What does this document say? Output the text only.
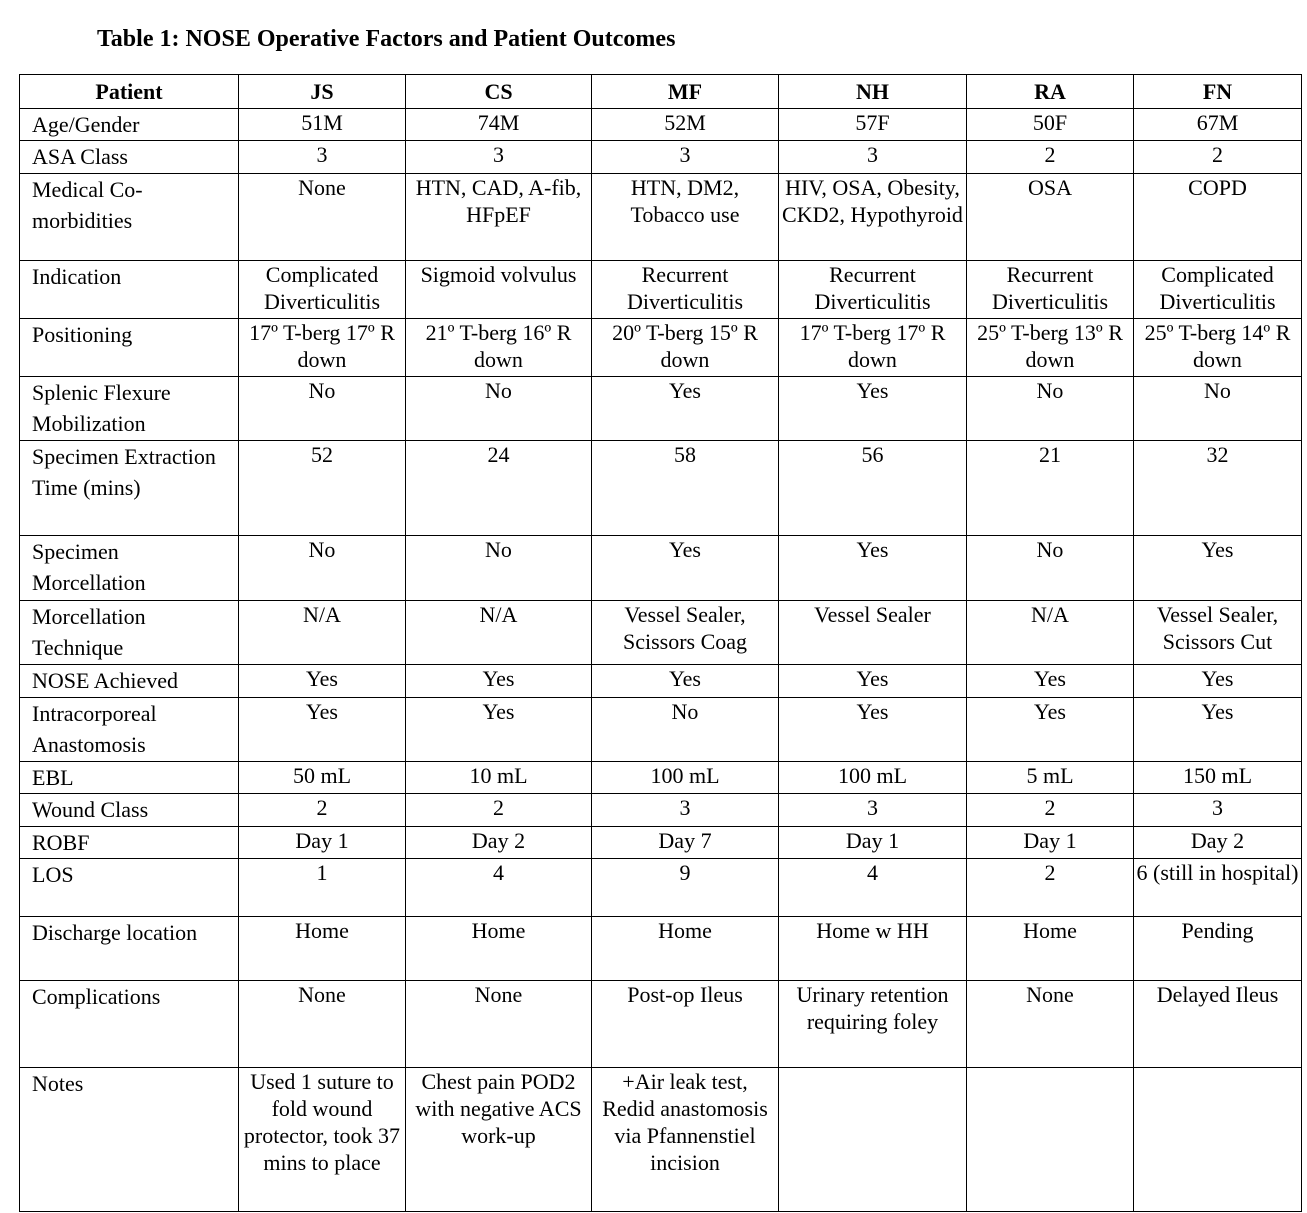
Table 1: NOSE Operative Factors and Patient Outcomes
Patient	JS	CS	MF	NH	RA	FN
Age/Gender	51M	74M	52M	57F	50F	67M
ASA Class	3	3	3	3	2	2
Medical Co-morbidities	None	HTN, CAD, A-fib, HFpEF	HTN, DM2, Tobacco use	HIV, OSA, Obesity, CKD2, Hypothyroid	OSA	COPD
Indication	Complicated Diverticulitis	Sigmoid volvulus	Recurrent Diverticulitis	Recurrent Diverticulitis	Recurrent Diverticulitis	Complicated Diverticulitis
Positioning	17º T-berg 17º R down	21º T-berg 16º R down	20º T-berg 15º R down	17º T-berg 17º R down	25º T-berg 13º R down	25º T-berg 14º R down
Splenic Flexure Mobilization	No	No	Yes	Yes	No	No
Specimen Extraction Time (mins)	52	24	58	56	21	32
Specimen Morcellation	No	No	Yes	Yes	No	Yes
Morcellation Technique	N/A	N/A	Vessel Sealer, Scissors Coag	Vessel Sealer	N/A	Vessel Sealer, Scissors Cut
NOSE Achieved	Yes	Yes	Yes	Yes	Yes	Yes
Intracorporeal Anastomosis	Yes	Yes	No	Yes	Yes	Yes
EBL	50 mL	10 mL	100 mL	100 mL	5 mL	150 mL
Wound Class	2	2	3	3	2	3
ROBF	Day 1	Day 2	Day 7	Day 1	Day 1	Day 2
LOS	1	4	9	4	2	6 (still in hospital)
Discharge location	Home	Home	Home	Home w HH	Home	Pending
Complications	None	None	Post-op Ileus	Urinary retention requiring foley	None	Delayed Ileus
Notes	Used 1 suture to fold wound protector, took 37 mins to place	Chest pain POD2 with negative ACS work-up	+Air leak test, Redid anastomosis via Pfannenstiel incision			
